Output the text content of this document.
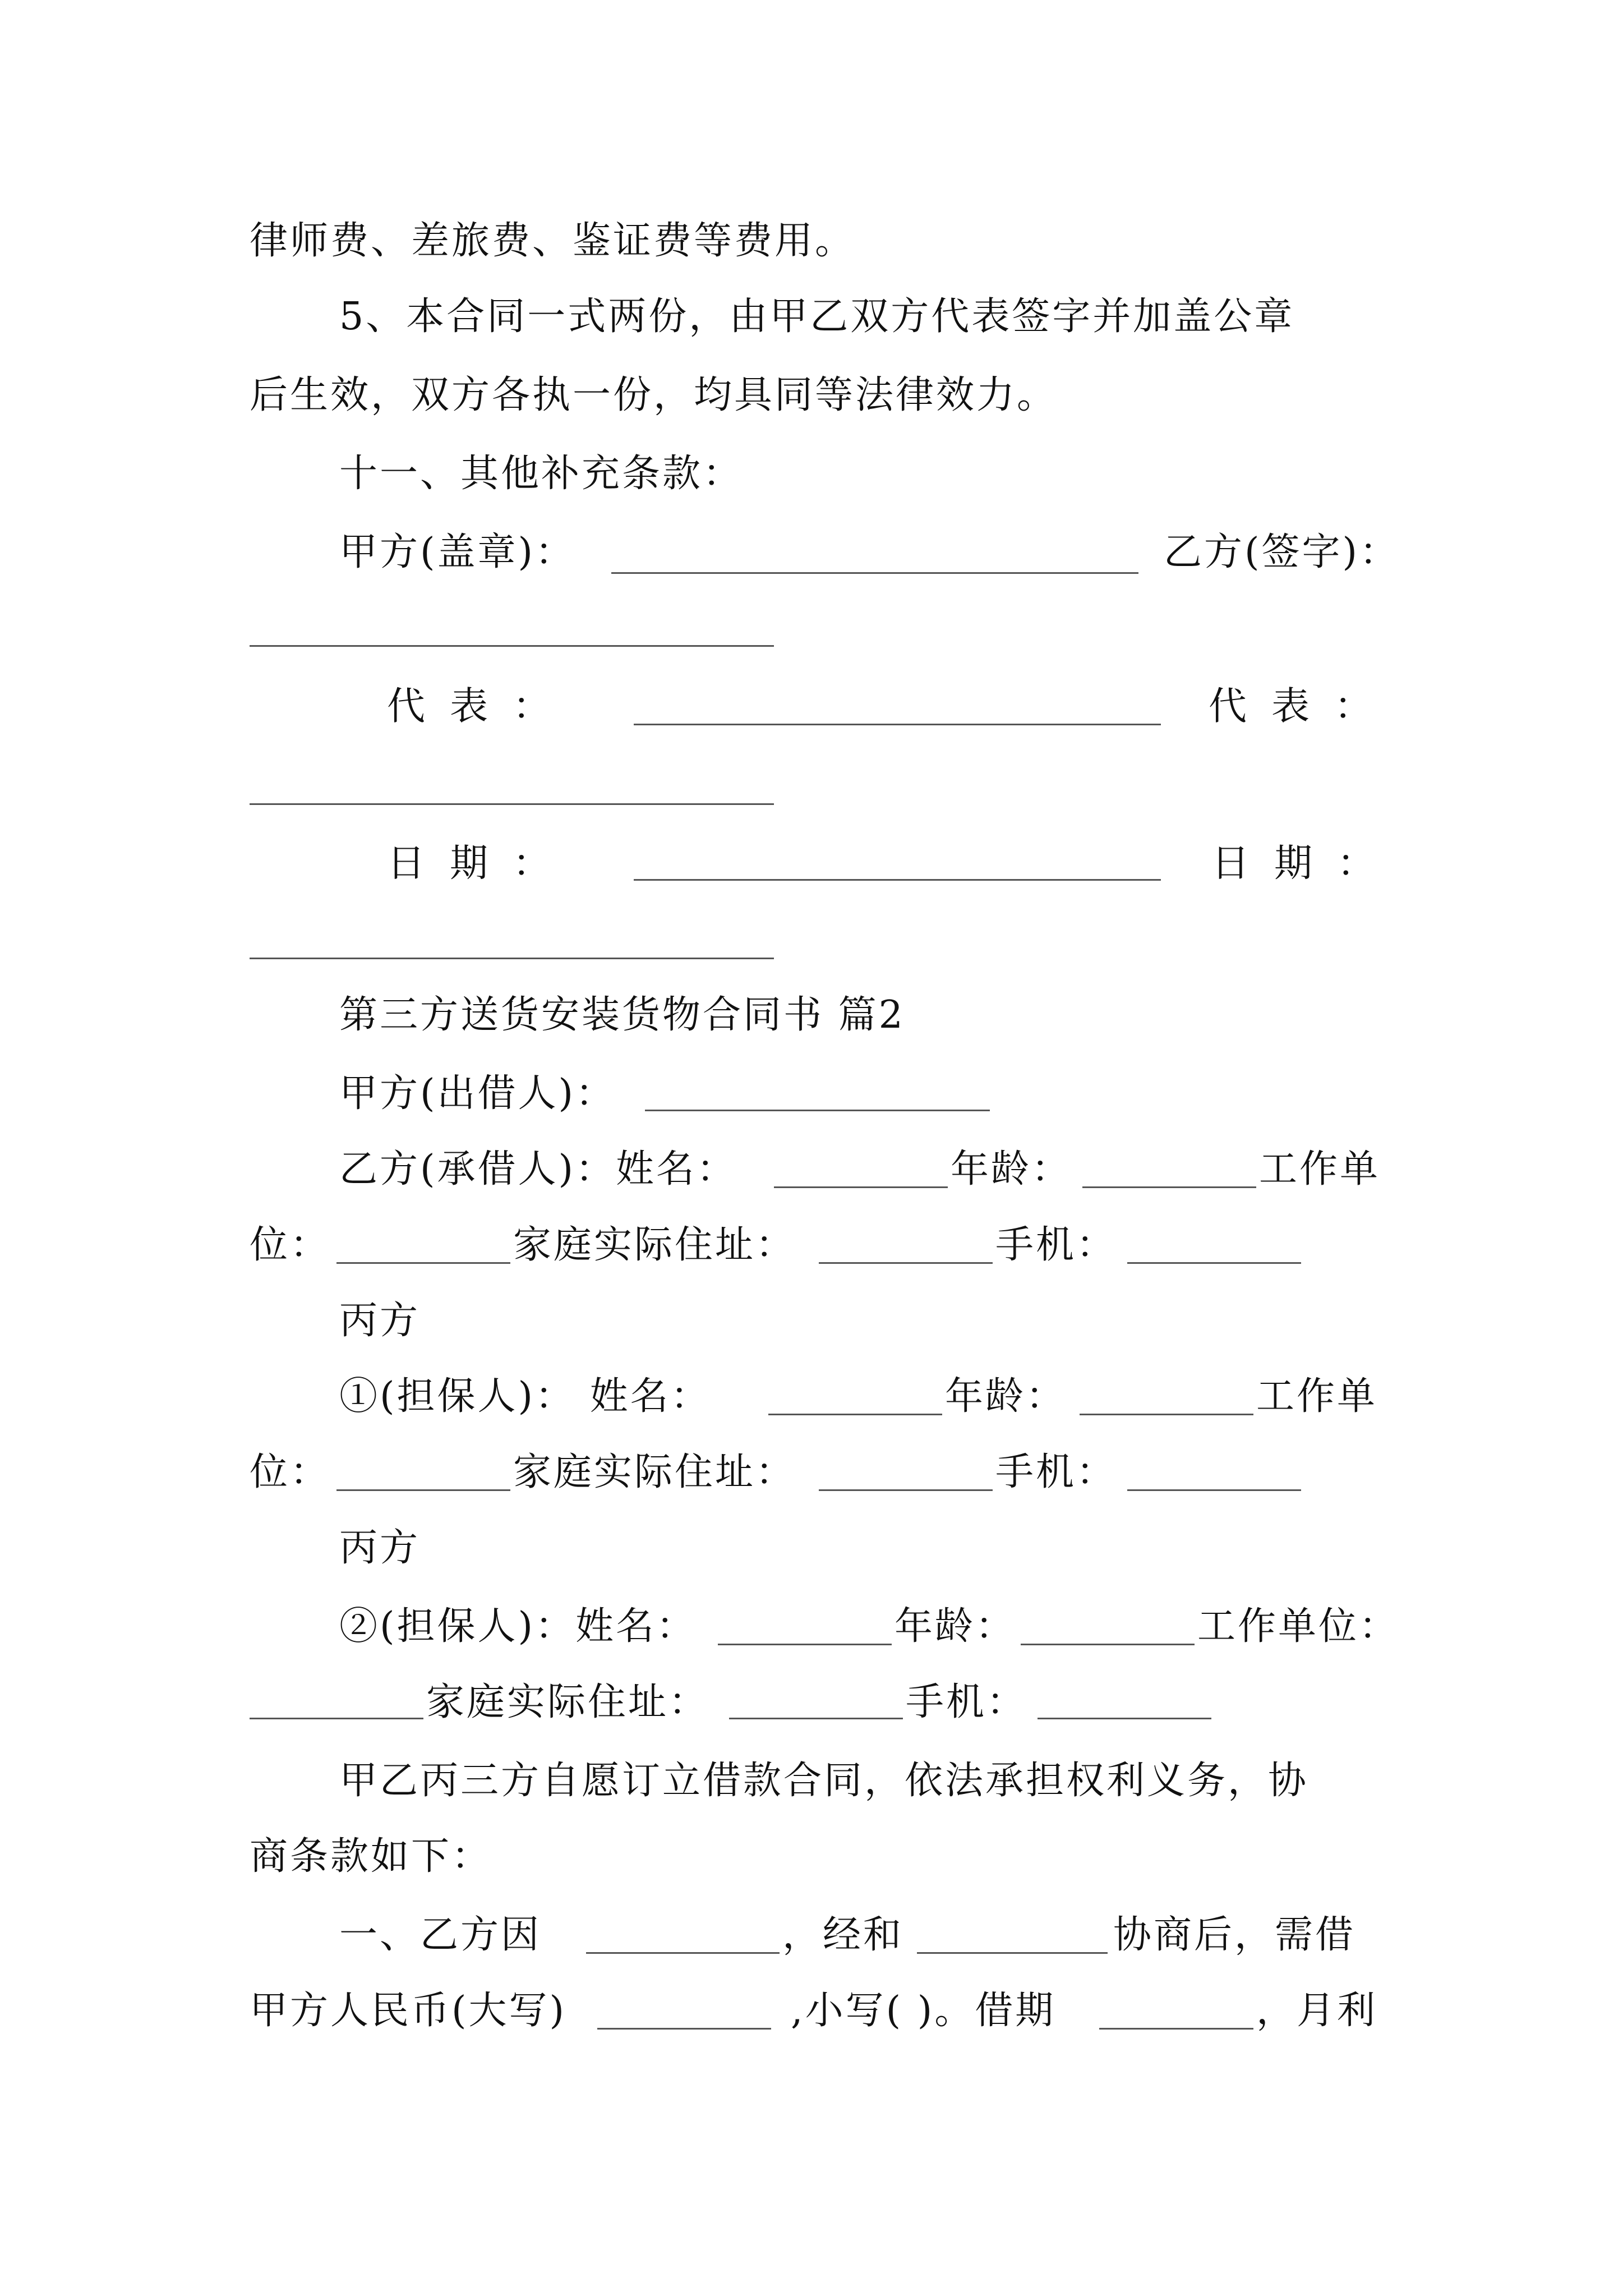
律师费、差旅费、鉴证费等费用。
5、本合同一式两份，由甲乙双方代表签字并加盖公章
后生效，双方各执一份，均具同等法律效力。
十一、其他补充条款：
甲方(盖章)：	乙方(签字)：
代表：	代表：
日期：	日期：
第三方送货安装货物合同书 篇2
甲方(出借人)：
乙方(承借人)：姓名：	年龄：	工作单
位：	家庭实际住址：	手机：
丙方
①(担保人)： 姓名：	年龄：	工作单
位：	家庭实际住址：	手机：
丙方
②(担保人)：姓名：	年龄：	工作单位：
家庭实际住址：	手机：
甲乙丙三方自愿订立借款合同，依法承担权利义务，协
商条款如下：
一、乙方因	，经和	协商后，需借
甲方人民币(大写)	,小写( )。借期	，月利
